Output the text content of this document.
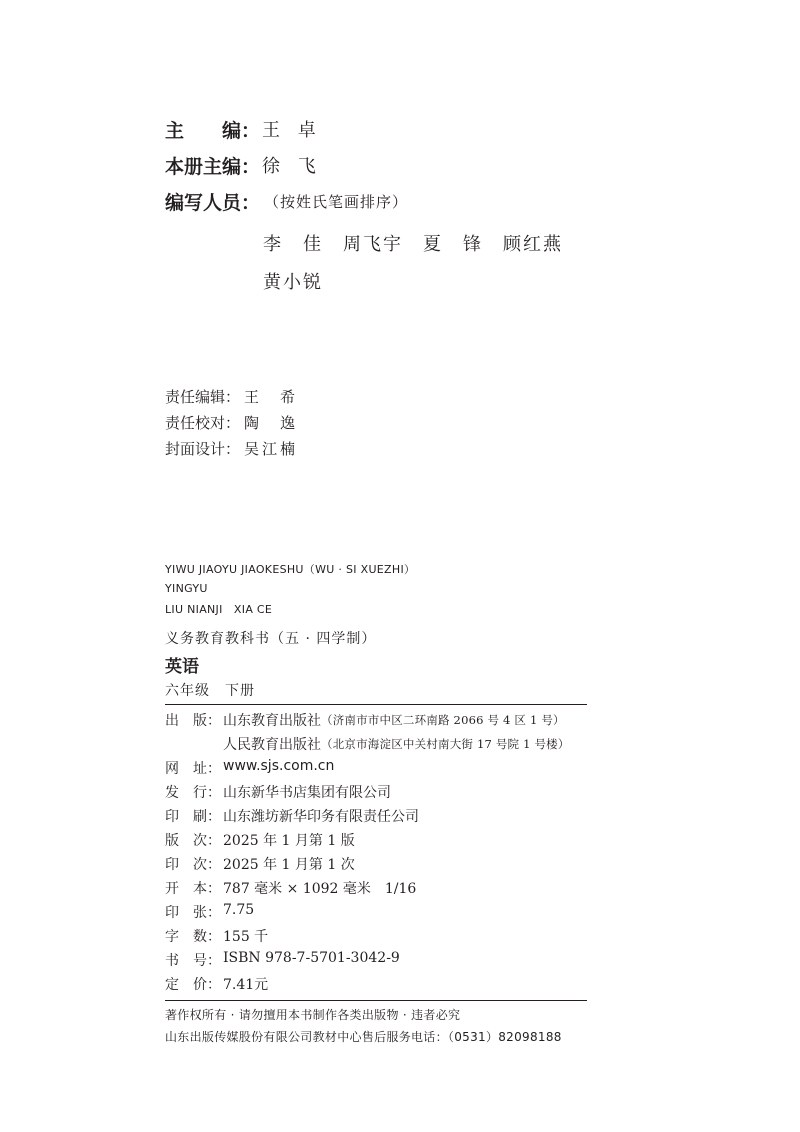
主　　编： 王 卓
本册主编： 徐 飞
编写人员： （按姓氏笔画排序）
李　佳 周飞宇 夏　锋 顾红燕
黄小锐
责任编辑： 王　希
责任校对： 陶　逸
封面设计： 吴江楠
YIWU JIAOYU JIAOKESHU（WU · SI XUEZHI）
YINGYU
LIU NIANJI　XIA CE
义务教育教科书（五 · 四学制）
英语
六年级　下册
出　版： 山东教育出版社 （济南市市中区二环南路 2066 号 4 区 1 号）
人民教育出版社 （北京市海淀区中关村南大街 17 号院 1 号楼）
网　址： www.sjs.com.cn
发　行： 山东新华书店集团有限公司
印　刷： 山东潍坊新华印务有限责任公司
版　次： 2025 年 1 月第 1 版
印　次： 2025 年 1 月第 1 次
开　本： 787 毫米 × 1092 毫米　1/16
印　张： 7.75
字　数： 155 千
书　号： ISBN 978-7-5701-3042-9
定　价： 7.41元
著作权所有 · 请勿擅用本书制作各类出版物 · 违者必究
山东出版传媒股份有限公司教材中心售后服务电话：（0531）82098188
